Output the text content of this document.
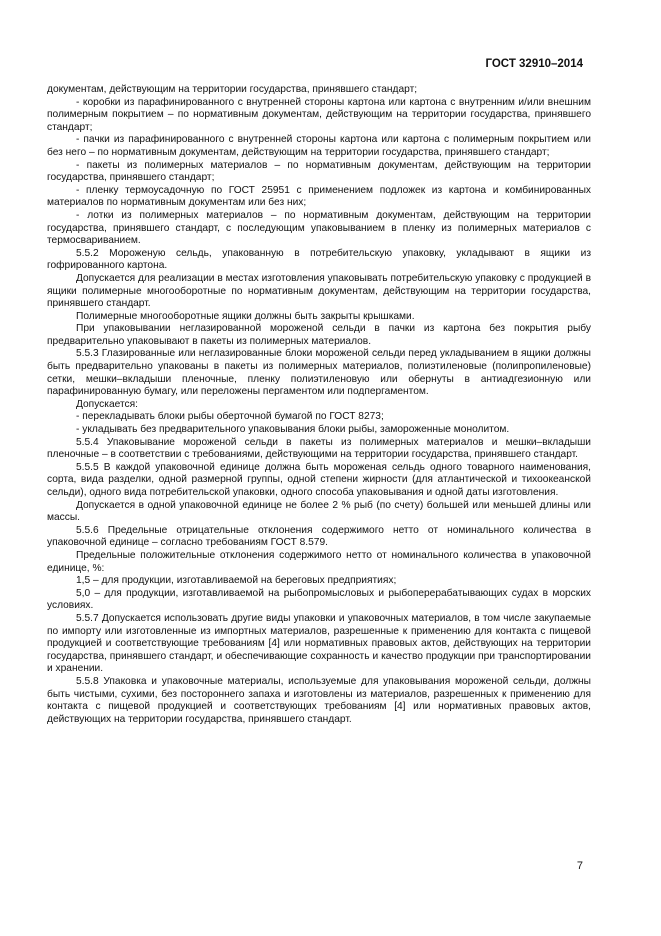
ГОСТ 32910–2014

документам, действующим на территории государства, принявшего стандарт;

- коробки из парафинированного с внутренней стороны картона или картона с внутренним и/или внешним полимерным покрытием – по нормативным документам, действующим на территории государства, принявшего стандарт;

- пачки из парафинированного с внутренней стороны картона или картона с полимерным покрытием или без него – по нормативным документам, действующим на территории государства, принявшего стандарт;

- пакеты из полимерных материалов – по нормативным документам, действующим на территории государства, принявшего стандарт;

- пленку термоусадочную по ГОСТ 25951 с применением подложек из картона и комбинированных материалов по нормативным документам или без них;

- лотки из полимерных материалов – по нормативным документам, действующим на территории государства, принявшего стандарт, с последующим упаковыванием в пленку из полимерных материалов с термосвариванием.

5.5.2 Мороженую сельдь, упакованную в потребительскую упаковку, укладывают в ящики из гофрированного картона.

Допускается для реализации в местах изготовления упаковывать потребительскую упаковку с продукцией в ящики полимерные многооборотные по нормативным документам, действующим на территории государства, принявшего стандарт.

Полимерные многооборотные ящики должны быть закрыты крышками.

При упаковывании неглазированной мороженой сельди в пачки из картона без покрытия рыбу предварительно упаковывают в пакеты из полимерных материалов.

5.5.3 Глазированные или неглазированные блоки мороженой сельди перед укладыванием в ящики должны быть предварительно упакованы в пакеты из полимерных материалов, полиэтиленовые (полипропиленовые) сетки, мешки–вкладыши пленочные, пленку полиэтиленовую или обернуты в антиадгезионную или парафинированную бумагу, или переложены пергаментом или подпергаментом.

Допускается:

- перекладывать блоки рыбы оберточной бумагой по ГОСТ 8273;

- укладывать без предварительного упаковывания блоки рыбы, замороженные монолитом.

5.5.4 Упаковывание мороженой сельди в пакеты из полимерных материалов и мешки–вкладыши пленочные – в соответствии с требованиями, действующими на территории государства, принявшего стандарт.

5.5.5 В каждой упаковочной единице должна быть мороженая сельдь одного товарного наименования, сорта, вида разделки, одной размерной группы, одной степени жирности (для атлантической и тихоокеанской сельди), одного вида потребительской упаковки, одного способа упаковывания и одной даты изготовления.

Допускается в одной упаковочной единице не более 2 % рыб (по счету) большей или меньшей длины или массы.

5.5.6 Предельные отрицательные отклонения содержимого нетто от номинального количества в упаковочной единице – согласно требованиям ГОСТ 8.579.

Предельные положительные отклонения содержимого нетто от номинального количества в упаковочной единице, %:

1,5 – для продукции, изготавливаемой на береговых предприятиях;

5,0 – для продукции, изготавливаемой на рыбопромысловых и рыбоперерабатывающих судах в морских условиях.

5.5.7 Допускается использовать другие виды упаковки и упаковочных материалов, в том числе закупаемые по импорту или изготовленные из импортных материалов, разрешенные к применению для контакта с пищевой продукцией и соответствующие требованиям [4] или нормативных правовых актов, действующих на территории государства, принявшего стандарт, и обеспечивающие сохранность и качество продукции при транспортировании и хранении.

5.5.8 Упаковка и упаковочные материалы, используемые для упаковывания мороженой сельди, должны быть чистыми, сухими, без постороннего запаха и изготовлены из материалов, разрешенных к применению для контакта с пищевой продукцией и соответствующих требованиям [4] или нормативных правовых актов, действующих на территории государства, принявшего стандарт.

7
